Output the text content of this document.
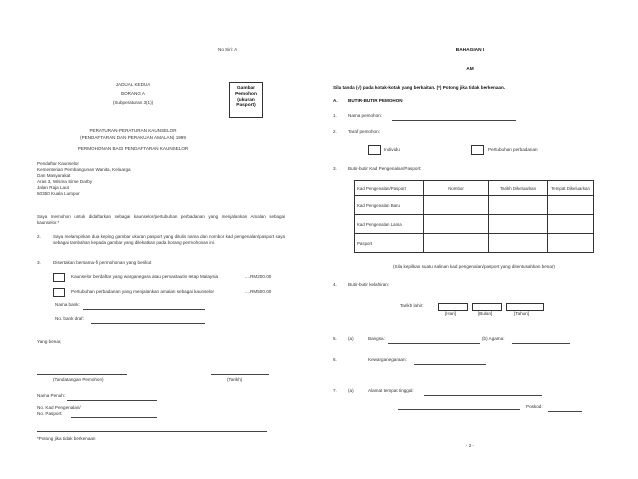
No Siri: A
JADUAL KEDUA
BORANG A
(Subperaturan 3(1))
Gambar
Pemohon
(ukuran
Pasport)
PERATURAN-PERATURAN KAUNSELOR
(PENDAFTARAN DAN PERAKUAN AMALAN) 1999
PERMOHONAN BAGI PENDAFTARAN KAUNSELOR
Pendaftar Kaunselor
Kementerian Pembangunan Wanita, Keluarga
Dan Masyarakat
Aras 3, Wisma Sime Darby
Jalan Raja Laut
50350 Kuala Lumpur
Saya memohon untuk didaftarkan sebagai kaunselor/pertubuhan perbadanan yang menjalankan Amalan sebagai kaunselor.*
2.	Saya melampirkan dua keping gambar ukuran pasport yang ditulis nama dan nombor kad pengenalan/pasport saya sebagai tambahan kepada gambar yang dilekatkan pada borang permohonan ini.
3.	Disertakan bersama-fi permohonan yang berikut
Kaunselor berdaftar yang warganegara atau pemastautin tetap Malaysia	....RM200.00
Pertubuhan perbadanan yang menjalankan amalan sebagai kaunselor	....RM500.00
Nama bank:
No. bank draf:
Yang benar,
(Tandatangan Pemohon)	(Tarikh)
Nama Penuh:
No. Kad Pengenalan/
No. Pasport:
*Potong jika tidak berkenaan
BAHAGIAN I
AM
Sila tanda (√) pada kotak-kotak yang berkaitan. (*) Potong jika tidak berkenaan.
A. BUTIR-BUTIR PEMOHON
1. Nama pemohon:
2. Taraf pemohon:
Individu	Pertubuhan perbadanan
3. Butir-butir Kad Pengenalan/Pasport:
Kad Pengenalan/Pasport	Nombor	Tarikh Dikeluarkan	Tempat Dikeluarkan
Kad Pengenalan Baru			
Kad Pengenalan Lama			
Pasport			
(Sila kepilkan suatu salinan kad pengenalan/pasport yang ditentusahkan benar)
4. Butir-butir kelahiran:
Tarikh lahir:
[Hari]	[Bulan]	[Tahun]
5. (a)	Bangsa:	(b) Agama:
6.	Kewarganegaraan:
7. (a)	Alamat tempat tinggal:
Poskod:
- 2 -
